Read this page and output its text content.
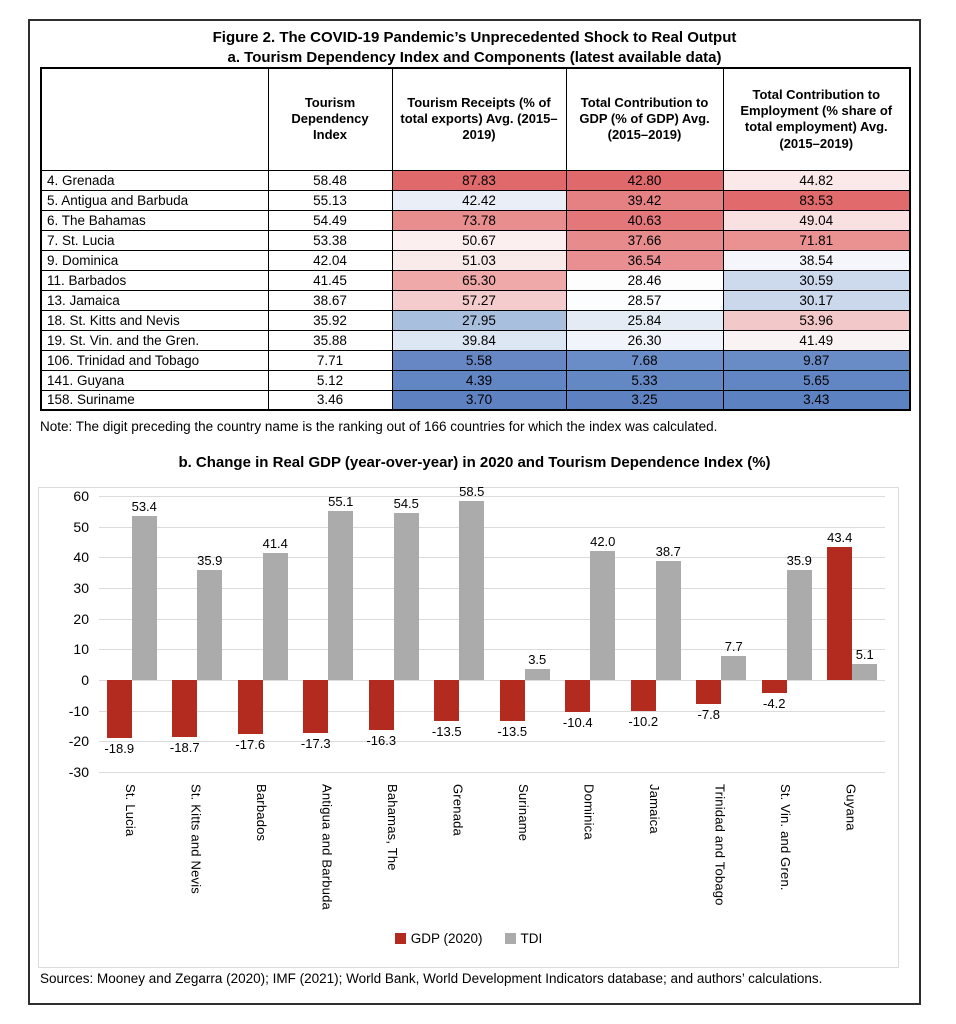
Figure 2. The COVID-19 Pandemic’s Unprecedented Shock to Real Output
a. Tourism Dependency Index and Components (latest available data)
	Tourism Dependency Index	Tourism Receipts (% of total exports) Avg. (2015–2019)	Total Contribution to GDP (% of GDP) Avg. (2015–2019)	Total Contribution to Employment (% share of total employment) Avg. (2015–2019)
4. Grenada	58.48	87.83	42.80	44.82
5. Antigua and Barbuda	55.13	42.42	39.42	83.53
6. The Bahamas	54.49	73.78	40.63	49.04
7. St. Lucia	53.38	50.67	37.66	71.81
9. Dominica	42.04	51.03	36.54	38.54
11. Barbados	41.45	65.30	28.46	30.59
13. Jamaica	38.67	57.27	28.57	30.17
18. St. Kitts and Nevis	35.92	27.95	25.84	53.96
19. St. Vin. and the Gren.	35.88	39.84	26.30	41.49
106. Trinidad and Tobago	7.71	5.58	7.68	9.87
141. Guyana	5.12	4.39	5.33	5.65
158. Suriname	3.46	3.70	3.25	3.43
Note: The digit preceding the country name is the ranking out of 166 countries for which the index was calculated.
b. Change in Real GDP (year-over-year) in 2020 and Tourism Dependence Index (%)
60
50
40
30
20
10
0
-10
-20
-30
-18.9
53.4
St. Lucia
-18.7
35.9
St. Kitts and Nevis
-17.6
41.4
Barbados
-17.3
55.1
Antigua and Barbuda
-16.3
54.5
Bahamas, The
-13.5
58.5
Grenada
-13.5
3.5
Suriname
-10.4
42.0
Dominica
-10.2
38.7
Jamaica
-7.8
7.7
Trinidad and Tobago
-4.2
35.9
St. Vin. and Gren.
43.4
5.1
Guyana
GDP (2020)	TDI
Sources: Mooney and Zegarra (2020); IMF (2021); World Bank, World Development Indicators database; and authors’ calculations.
